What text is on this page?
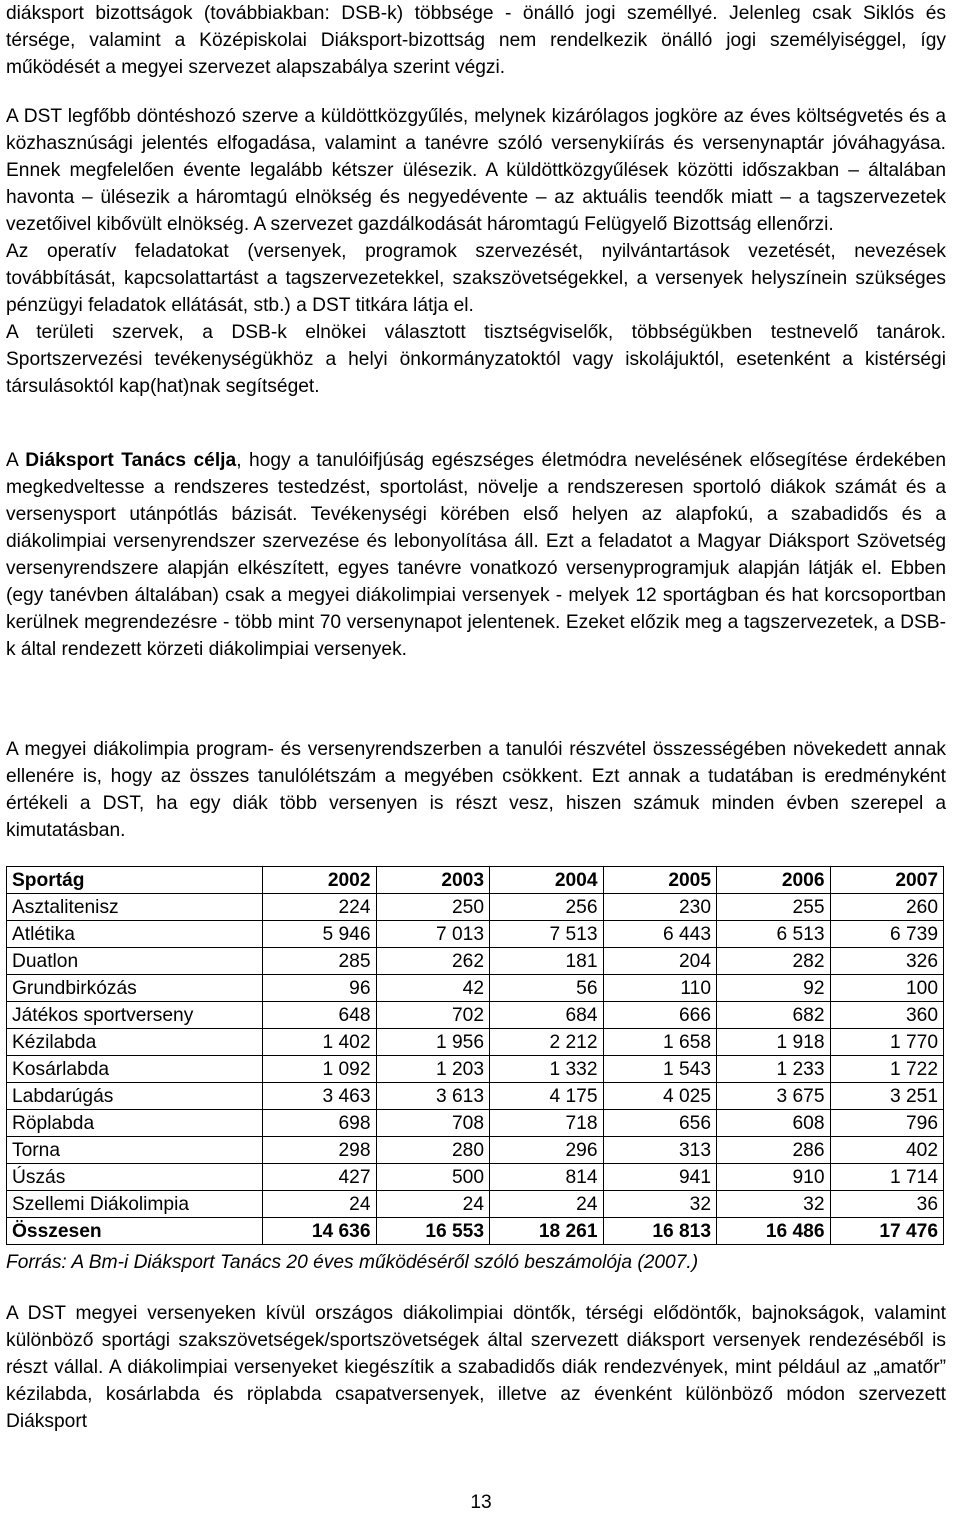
diáksport bizottságok (továbbiakban: DSB-k) többsége - önálló jogi személlyé. Jelenleg csak Siklós és térsége, valamint a Középiskolai Diáksport-bizottság nem rendelkezik önálló jogi személyiséggel, így működését a megyei szervezet alapszabálya szerint végzi.

A DST legfőbb döntéshozó szerve a küldöttközgyűlés, melynek kizárólagos jogköre az éves költségvetés és a közhasznúsági jelentés elfogadása, valamint a tanévre szóló versenykiírás és versenynaptár jóváhagyása. Ennek megfelelően évente legalább kétszer ülésezik. A küldöttközgyűlések közötti időszakban – általában havonta – ülésezik a háromtagú elnökség és negyedévente – az aktuális teendők miatt – a tagszervezetek vezetőivel kibővült elnökség. A szervezet gazdálkodását háromtagú Felügyelő Bizottság ellenőrzi.

Az operatív feladatokat (versenyek, programok szervezését, nyilvántartások vezetését, nevezések továbbítását, kapcsolattartást a tagszervezetekkel, szakszövetségekkel, a versenyek helyszínein szükséges pénzügyi feladatok ellátását, stb.) a DST titkára látja el.

A területi szervek, a DSB-k elnökei választott tisztségviselők, többségükben testnevelő tanárok. Sportszervezési tevékenységükhöz a helyi önkormányzatoktól vagy iskolájuktól, esetenként a kistérségi társulásoktól kap(hat)nak segítséget.

A Diáksport Tanács célja, hogy a tanulóifjúság egészséges életmódra nevelésének elősegítése érdekében megkedveltesse a rendszeres testedzést, sportolást, növelje a rendszeresen sportoló diákok számát és a versenysport utánpótlás bázisát. Tevékenységi körében első helyen az alapfokú, a szabadidős és a diákolimpiai versenyrendszer szervezése és lebonyolítása áll. Ezt a feladatot a Magyar Diáksport Szövetség versenyrendszere alapján elkészített, egyes tanévre vonatkozó versenyprogramjuk alapján látják el. Ebben (egy tanévben általában) csak a megyei diákolimpiai versenyek - melyek 12 sportágban és hat korcsoportban kerülnek megrendezésre - több mint 70 versenynapot jelentenek. Ezeket előzik meg a tagszervezetek, a DSB-k által rendezett körzeti diákolimpiai versenyek.

A megyei diákolimpia program- és versenyrendszerben a tanulói részvétel összességében növekedett annak ellenére is, hogy az összes tanulólétszám a megyében csökkent. Ezt annak a tudatában is eredményként értékeli a DST, ha egy diák több versenyen is részt vesz, hiszen számuk minden évben szerepel a kimutatásban.

Sportág	2002	2003	2004	2005	2006	2007
Asztalitenisz	224	250	256	230	255	260
Atlétika	5 946	7 013	7 513	6 443	6 513	6 739
Duatlon	285	262	181	204	282	326
Grundbirkózás	96	42	56	110	92	100
Játékos sportverseny	648	702	684	666	682	360
Kézilabda	1 402	1 956	2 212	1 658	1 918	1 770
Kosárlabda	1 092	1 203	1 332	1 543	1 233	1 722
Labdarúgás	3 463	3 613	4 175	4 025	3 675	3 251
Röplabda	698	708	718	656	608	796
Torna	298	280	296	313	286	402
Úszás	427	500	814	941	910	1 714
Szellemi Diákolimpia	24	24	24	32	32	36
Összesen	14 636	16 553	18 261	16 813	16 486	17 476
Forrás: A Bm-i Diáksport Tanács 20 éves működéséről szóló beszámolója (2007.)

A DST megyei versenyeken kívül országos diákolimpiai döntők, térségi elődöntők, bajnokságok, valamint különböző sportági szakszövetségek/sportszövetségek által szervezett diáksport versenyek rendezéséből is részt vállal. A diákolimpiai versenyeket kiegészítik a szabadidős diák rendezvények, mint például az „amatőr” kézilabda, kosárlabda és röplabda csapatversenyek, illetve az évenként különböző módon szervezett Diáksport

13
